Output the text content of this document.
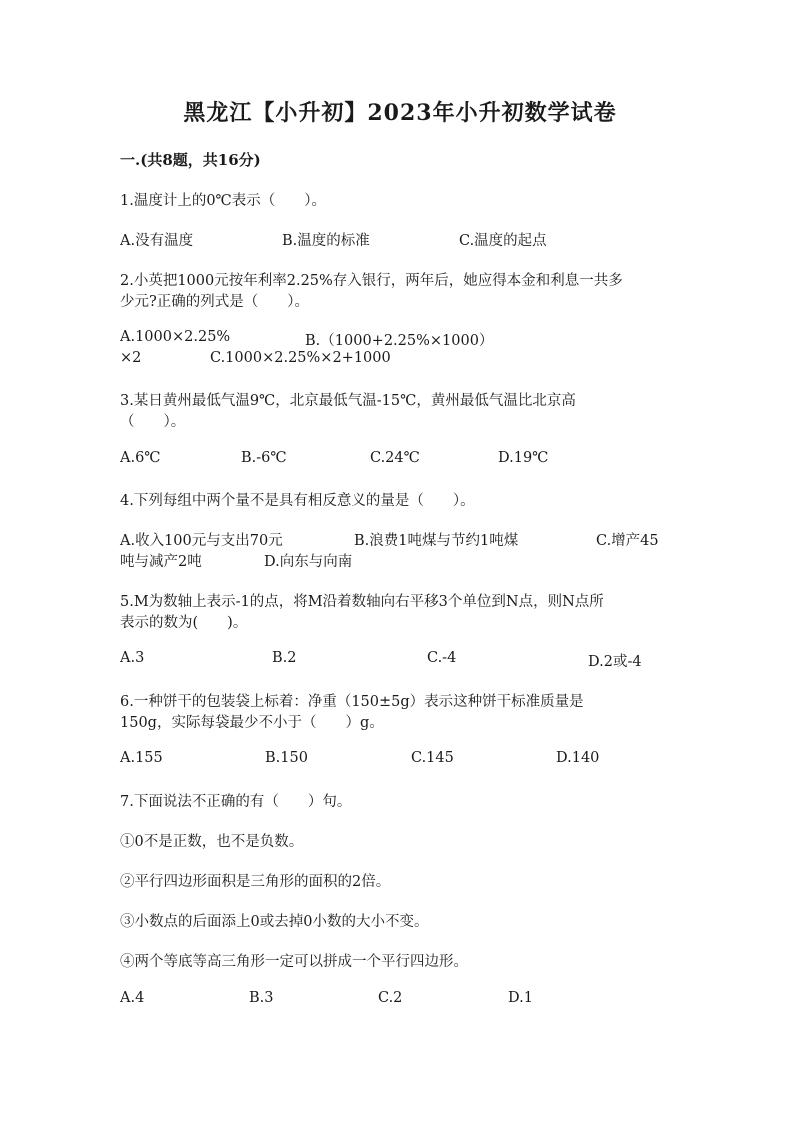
黑龙江【小升初】2023年小升初数学试卷
一.(共8题，共16分)
1.温度计上的0℃表示（　　）。
A.没有温度	B.温度的标准	C.温度的起点
2.小英把1000元按年利率2.25%存入银行，两年后，她应得本金和利息一共多
少元?正确的列式是（　　）。
A.1000×2.25%	B.（1000+2.25%×1000）
×2	C.1000×2.25%×2+1000
3.某日黄州最低气温9℃，北京最低气温-15℃，黄州最低气温比北京高
（　　）。
A.6℃	B.-6℃	C.24℃	D.19℃
4.下列每组中两个量不是具有相反意义的量是（　　）。
A.收入100元与支出70元	B.浪费1吨煤与节约1吨煤	C.增产45
吨与减产2吨	D.向东与向南
5.M为数轴上表示-1的点，将M沿着数轴向右平移3个单位到N点，则N点所
表示的数为(　　)。
A.3	B.2	C.-4	D.2或-4
6.一种饼干的包装袋上标着：净重（150±5g）表示这种饼干标准质量是
150g，实际每袋最少不小于（　　）g。
A.155	B.150	C.145	D.140
7.下面说法不正确的有（　　）句。
①0不是正数，也不是负数。
②平行四边形面积是三角形的面积的2倍。
③小数点的后面添上0或去掉0小数的大小不变。
④两个等底等高三角形一定可以拼成一个平行四边形。
A.4	B.3	C.2	D.1
